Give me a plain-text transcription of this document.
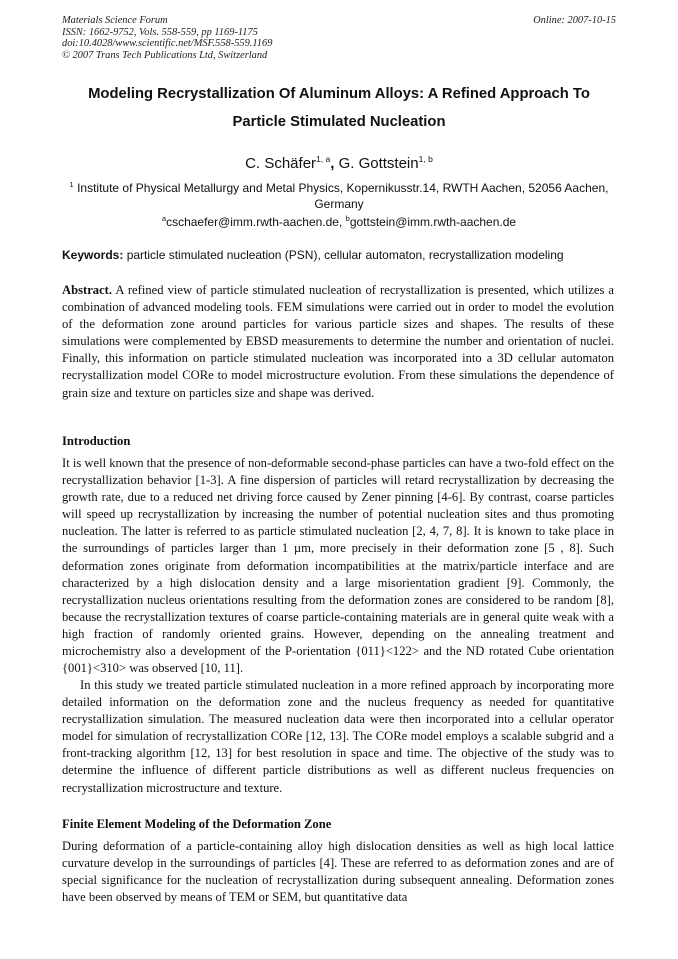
Materials Science Forum
ISSN: 1662-9752, Vols. 558-559, pp 1169-1175
doi:10.4028/www.scientific.net/MSF.558-559.1169
© 2007 Trans Tech Publications Ltd, Switzerland
Online: 2007-10-15
Modeling Recrystallization Of Aluminum Alloys: A Refined Approach To
Particle Stimulated Nucleation
C. Schäfer$^{1, a}$, G. Gottstein$^{1, b}$
$^1$ Institute of Physical Metallurgy and Metal Physics, Kopernikusstr.14, RWTH Aachen, 52056 Aachen, Germany
$^a$cschaefer@imm.rwth-aachen.de, $^b$gottstein@imm.rwth-aachen.de
Keywords: particle stimulated nucleation (PSN), cellular automaton, recrystallization modeling

Abstract. A refined view of particle stimulated nucleation of recrystallization is presented, which utilizes a combination of advanced modeling tools. FEM simulations were carried out in order to model the evolution of the deformation zone around particles for various particle sizes and shapes. The results of these simulations were complemented by EBSD measurements to determine the number and orientation of nuclei. Finally, this information on particle stimulated nucleation was incorporated into a 3D cellular automaton recrystallization model CORe to model microstructure evolution. From these simulations the dependence of grain size and texture on particles size and shape was derived.

Introduction

It is well known that the presence of non-deformable second-phase particles can have a two-fold effect on the recrystallization behavior [1-3]. A fine dispersion of particles will retard recrystallization by decreasing the growth rate, due to a reduced net driving force caused by Zener pinning [4-6]. By contrast, coarse particles will speed up recrystallization by increasing the number of potential nucleation sites and thus promoting nucleation. The latter is referred to as particle stimulated nucleation [2, 4, 7, 8]. It is known to take place in the surroundings of particles larger than 1 µm, more precisely in their deformation zone [5 , 8]. Such deformation zones originate from deformation incompatibilities at the matrix/particle interface and are characterized by a high dislocation density and a large misorientation gradient [9]. Commonly, the recrystallization nucleus orientations resulting from the deformation zones are considered to be random [8], because the recrystallization textures of coarse particle-containing materials are in general quite weak with a high fraction of randomly oriented grains. However, depending on the annealing treatment and microchemistry also a development of the P-orientation {011}<122> and the ND rotated Cube orientation {001}<310> was observed [10, 11].

In this study we treated particle stimulated nucleation in a more refined approach by incorporating more detailed information on the deformation zone and the nucleus frequency as needed for quantitative recrystallization simulation. The measured nucleation data were then incorporated into a cellular operator model for simulation of recrystallization CORe [12, 13]. The CORe model employs a scalable subgrid and a front-tracking algorithm [12, 13] for best resolution in space and time. The objective of the study was to determine the influence of different particle distributions as well as different nucleus frequencies on recrystallization microstructure and texture.

Finite Element Modeling of the Deformation Zone

During deformation of a particle-containing alloy high dislocation densities as well as high local lattice curvature develop in the surroundings of particles [4]. These are referred to as deformation zones and are of special significance for the nucleation of recrystallization during subsequent annealing. Deformation zones have been observed by means of TEM or SEM, but quantitative data
